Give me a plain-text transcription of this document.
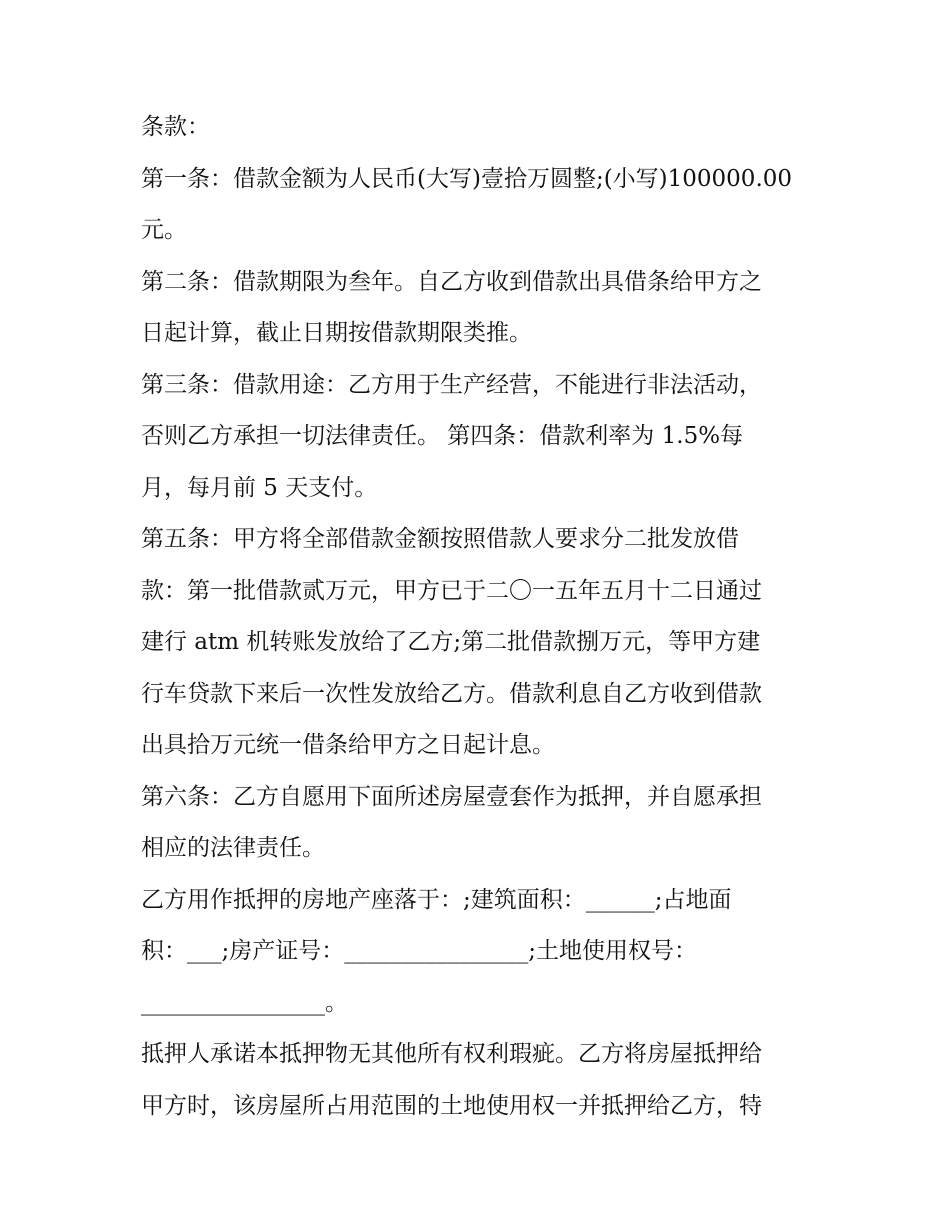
条款：
第一条：借款金额为人民币(大写)壹拾万圆整;(小写)100000.00
元。
第二条：借款期限为叁年。自乙方收到借款出具借条给甲方之
日起计算，截止日期按借款期限类推。
第三条：借款用途：乙方用于生产经营，不能进行非法活动，
否则乙方承担一切法律责任。 第四条：借款利率为 1.5%每
月，每月前 5 天支付。
第五条：甲方将全部借款金额按照借款人要求分二批发放借
款：第一批借款贰万元，甲方已于二〇一五年五月十二日通过
建行 atm 机转账发放给了乙方;第二批借款捌万元，等甲方建
行车贷款下来后一次性发放给乙方。借款利息自乙方收到借款
出具拾万元统一借条给甲方之日起计息。
第六条：乙方自愿用下面所述房屋壹套作为抵押，并自愿承担
相应的法律责任。
乙方用作抵押的房地产座落于：;建筑面积：______;占地面
积：___;房产证号：________________;土地使用权号：
________________。
抵押人承诺本抵押物无其他所有权利瑕疵。乙方将房屋抵押给
甲方时，该房屋所占用范围的土地使用权一并抵押给乙方，特
